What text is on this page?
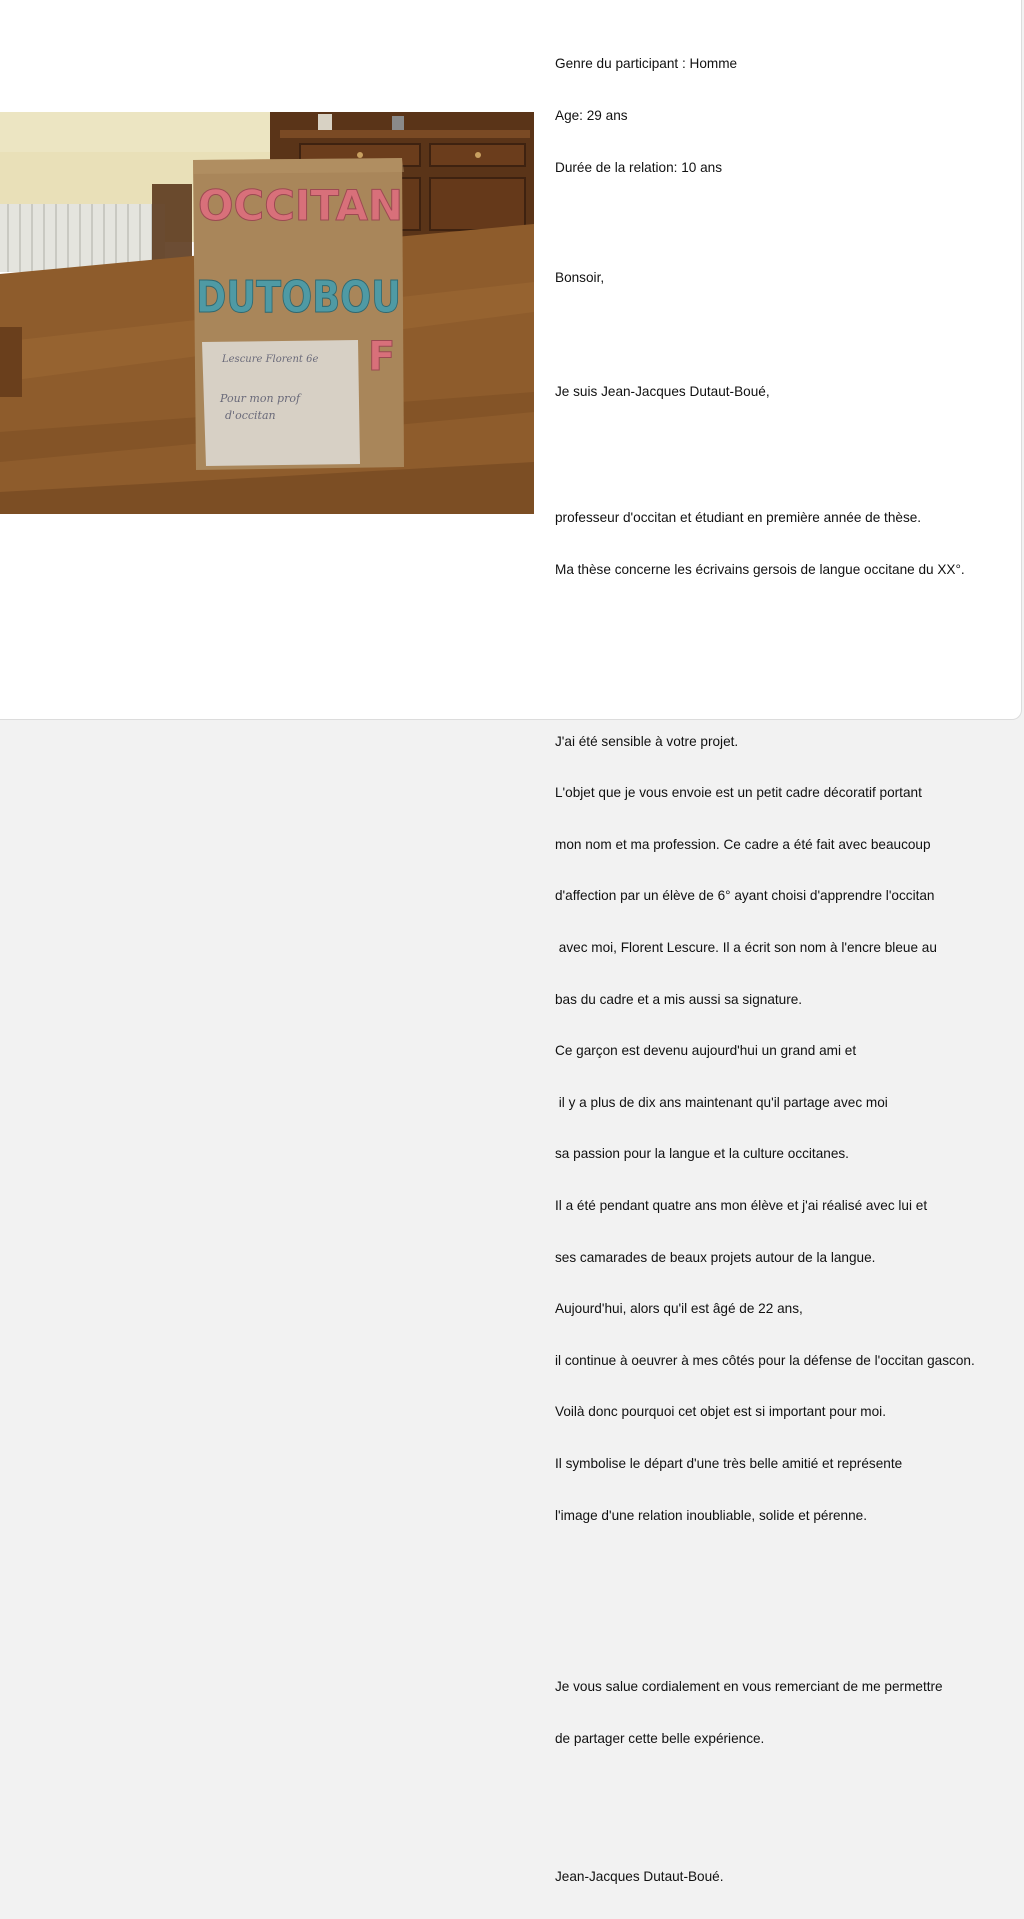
Lescure Florent 6e
Pour mon prof
d'occitan
OCCITAN
DUTOBOU
F

Genre du participant : Homme

Age: 29 ans

Durée de la relation: 10 ans

Bonsoir,

Je suis Jean-Jacques Dutaut-Boué,

professeur d'occitan et étudiant en première année de thèse.

Ma thèse concerne les écrivains gersois de langue occitane du XX°.

J'ai été sensible à votre projet.

L'objet que je vous envoie est un petit cadre décoratif portant

mon nom et ma profession. Ce cadre a été fait avec beaucoup

d'affection par un élève de 6° ayant choisi d'apprendre l'occitan

avec moi, Florent Lescure. Il a écrit son nom à l'encre bleue au

bas du cadre et a mis aussi sa signature.

Ce garçon est devenu aujourd'hui un grand ami et

il y a plus de dix ans maintenant qu'il partage avec moi

sa passion pour la langue et la culture occitanes.

Il a été pendant quatre ans mon élève et j'ai réalisé avec lui et

ses camarades de beaux projets autour de la langue.

Aujourd'hui, alors qu'il est âgé de 22 ans,

il continue à oeuvrer à mes côtés pour la défense de l'occitan gascon.

Voilà donc pourquoi cet objet est si important pour moi.

Il symbolise le départ d'une très belle amitié et représente

l'image d'une relation inoubliable, solide et pérenne.

Je vous salue cordialement en vous remerciant de me permettre

de partager cette belle expérience.

Jean-Jacques Dutaut-Boué.
